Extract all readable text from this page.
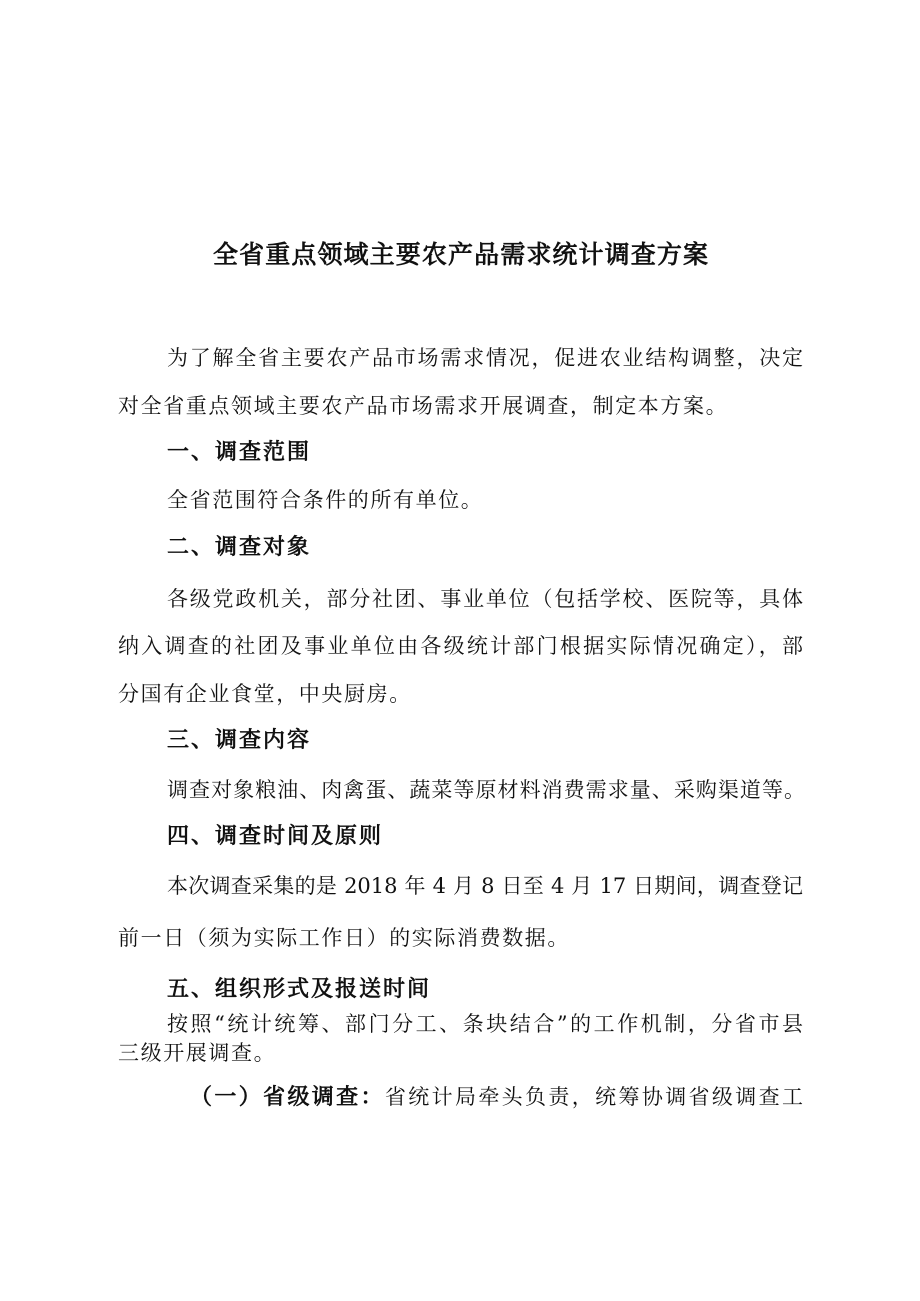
全省重点领域主要农产品需求统计调查方案
为了解全省主要农产品市场需求情况，促进农业结构调整，决定
对全省重点领域主要农产品市场需求开展调查，制定本方案。
一、调查范围
全省范围符合条件的所有单位。
二、调查对象
各级党政机关，部分社团、事业单位（包括学校、医院等，具体
纳入调查的社团及事业单位由各级统计部门根据实际情况确定），部
分国有企业食堂，中央厨房。
三、调查内容
调查对象粮油、肉禽蛋、蔬菜等原材料消费需求量、采购渠道等。
四、调查时间及原则
本次调查采集的是 2018 年 4 月 8 日至 4 月 17 日期间，调查登记
前一日（须为实际工作日）的实际消费数据。
五、组织形式及报送时间
按照“统计统筹、部门分工、条块结合”的工作机制，分省市县
三级开展调查。
（一）省级调查：省统计局牵头负责，统筹协调省级调查工
